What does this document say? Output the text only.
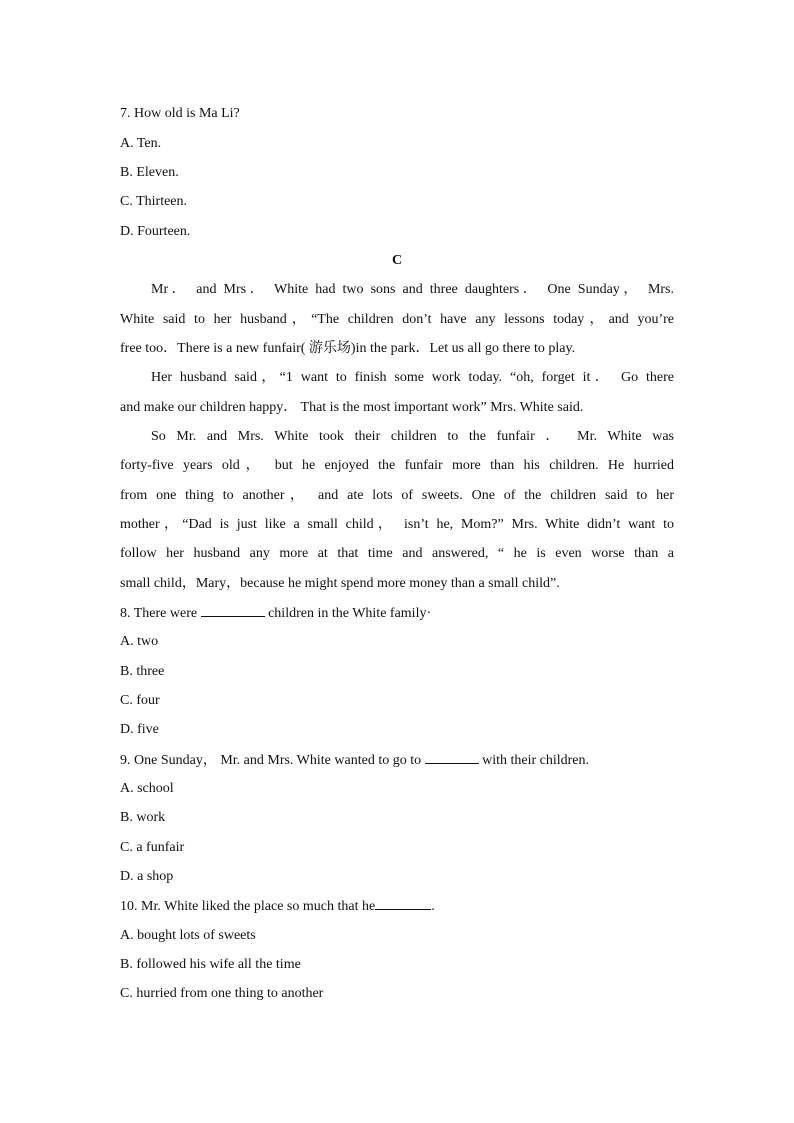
7. How old is Ma Li?
A. Ten.
B. Eleven.
C. Thirteen.
D. Fourteen.
C
Mr． and Mrs． White had two sons and three daughters． One Sunday， Mrs.
White said to her husband，“The children don’t have any lessons today，and you’re
free too．There is a new funfair( 游乐场)in the park．Let us all go there to play.
Her husband said，“1 want to finish some work today. “oh, forget it． Go there
and make our children happy． That is the most important work” Mrs. White said.
So Mr. and Mrs. White took their children to the funfair ． Mr. White was
forty-five years old， but he enjoyed the funfair more than his children. He hurried
from one thing to another， and ate lots of sweets. One of the children said to her
mother，“Dad is just like a small child， isn’t he, Mom?” Mrs. White didn’t want to
follow her husband any more at that time and answered, “ he is even worse than a
small child，Mary，because he might spend more money than a small child”.
8. There were	children in the White family·
A. two
B. three
C. four
D. five
9. One Sunday， Mr. and Mrs. White wanted to go to	with their children.
A. school
B. work
C. a funfair
D. a shop
10. Mr. White liked the place so much that he	.
A. bought lots of sweets
B. followed his wife all the time
C. hurried from one thing to another
